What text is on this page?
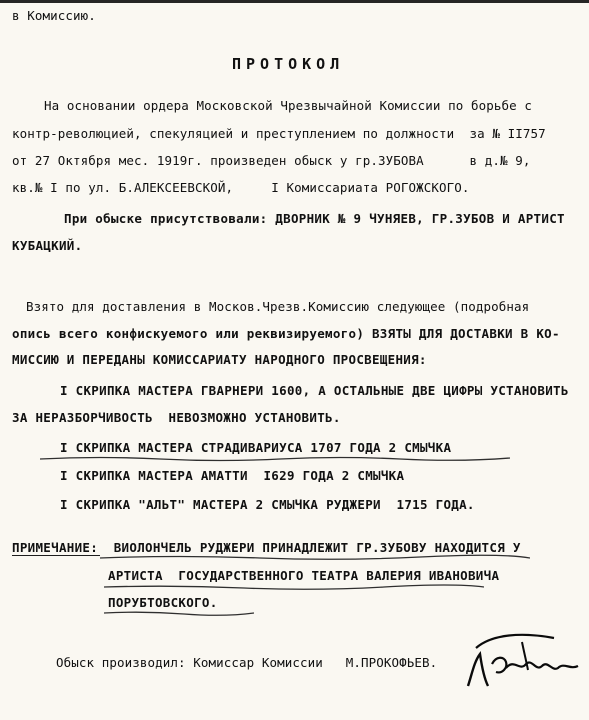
в Комиссию.
ПРОТОКОЛ
На основании ордера Московской Чрезвычайной Комиссии по борьбе с
контр-революцией, спекуляцией и преступлением по должности  за № II757
от 27 Октября мес. 1919г. произведен обыск у гр.ЗУБОВА      в д.№ 9,
кв.№ I по ул. Б.АЛЕКСЕЕВСКОЙ,     I Комиссариата РОГОЖСКОГО.
При обыске присутствовали: ДВОРНИК № 9 ЧУНЯЕВ, ГР.ЗУБОВ И АРТИСТ
КУБАЦКИЙ.
Взято для доставления в Москов.Чрезв.Комиссию следующее (подробная
опись всего конфискуемого или реквизируемого) ВЗЯТЫ ДЛЯ ДОСТАВКИ В КО-
МИССИЮ И ПЕРЕДАНЫ КОМИССАРИАТУ НАРОДНОГО ПРОСВЕЩЕНИЯ:
I СКРИПКА МАСТЕРА ГВАРНЕРИ 1600, А ОСТАЛЬНЫЕ ДВЕ ЦИФРЫ УСТАНОВИТЬ
ЗА НЕРАЗБОРЧИВОСТЬ  НЕВОЗМОЖНО УСТАНОВИТЬ.
I СКРИПКА МАСТЕРА СТРАДИВАРИУСА 1707 ГОДА 2 СМЫЧКА
I СКРИПКА МАСТЕРА АМАТТИ  I629 ГОДА 2 СМЫЧКА
I СКРИПКА "АЛЬТ" МАСТЕРА 2 СМЫЧКА РУДЖЕРИ  1715 ГОДА.
ПРИМЕЧАНИЕ:  ВИОЛОНЧЕЛЬ РУДЖЕРИ ПРИНАДЛЕЖИТ ГР.ЗУБОВУ НАХОДИТСЯ У
АРТИСТА  ГОСУДАРСТВЕННОГО ТЕАТРА ВАЛЕРИЯ ИВАНОВИЧА
ПОРУБТОВСКОГО.
Обыск производил: Комиссар Комиссии   М.ПРОКОФЬЕВ.
